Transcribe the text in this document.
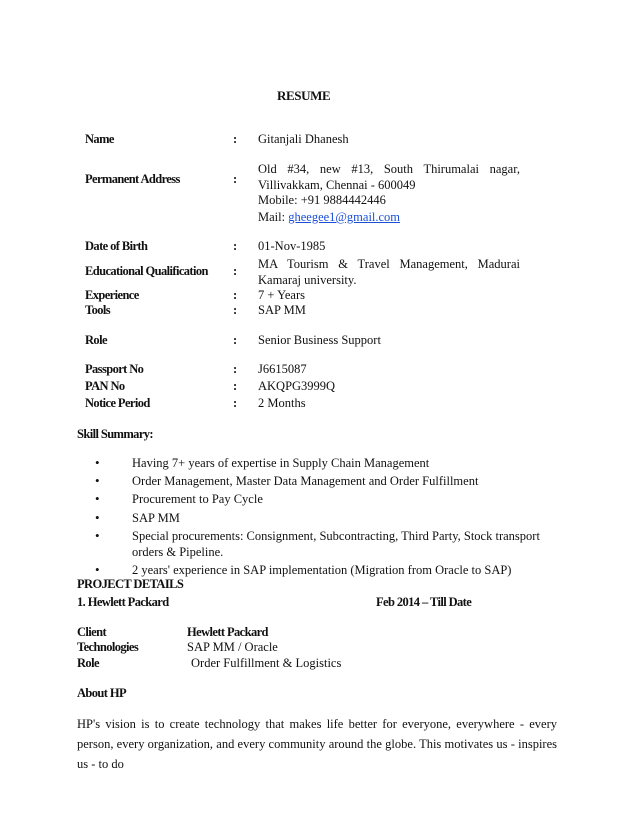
RESUME
Name	: Gitanjali Dhanesh
Permanent Address	:
Old #34, new #13, South Thirumalai nagar, Villivakkam, Chennai - 600049
Mobile: +91 9884442446
Mail: gheegee1@gmail.com
Date of Birth	: 01-Nov-1985
Educational Qualification : MA Tourism & Travel Management, Madurai Kamaraj university.
Experience	: 7 + Years
Tools	: SAP MM
Role	: Senior Business Support
Passport No	: J6615087
PAN No	: AKQPG3999Q
Notice Period	: 2 Months
Skill Summary:
• Having 7+ years of expertise in Supply Chain Management
• Order Management, Master Data Management and Order Fulfillment
• Procurement to Pay Cycle
• SAP MM
• Special procurements: Consignment, Subcontracting, Third Party, Stock transport orders & Pipeline.
• 2 years' experience in SAP implementation (Migration from Oracle to SAP)
PROJECT DETAILS
1. Hewlett Packard	Feb 2014 – Till Date
Client	Hewlett Packard
Technologies	SAP MM / Oracle
Role	Order Fulfillment & Logistics
About HP
HP's vision is to create technology that makes life better for everyone, everywhere - every person, every organization, and every community around the globe. This motivates us - inspires us - to do
